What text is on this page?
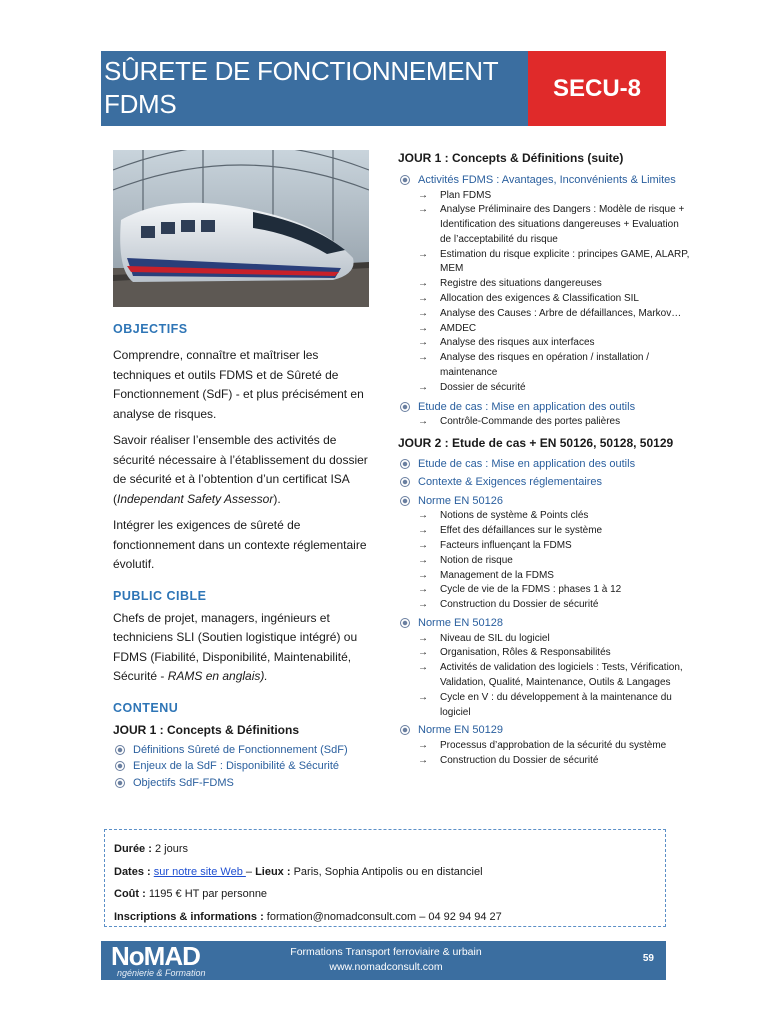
SÛRETE DE FONCTIONNEMENT
FDMS
SECU-8
OBJECTIFS

Comprendre, connaître et maîtriser les techniques et outils FDMS et de Sûreté de Fonctionnement (SdF) - et plus précisément en analyse de risques.

Savoir réaliser l’ensemble des activités de sécurité nécessaire à l’établissement du dossier de sécurité et à l’obtention d’un certificat ISA (Independant Safety Assessor).

Intégrer les exigences de sûreté de fonctionnement dans un contexte réglementaire évolutif.

PUBLIC CIBLE

Chefs de projet, managers, ingénieurs et techniciens SLI (Soutien logistique intégré) ou FDMS (Fiabilité, Disponibilité, Maintenabilité, Sécurité - RAMS en anglais).

CONTENU
JOUR 1 : Concepts & Définitions
Définitions Sûreté de Fonctionnement (SdF)
Enjeux de la SdF : Disponibilité & Sécurité
Objectifs SdF-FDMS
JOUR 1 : Concepts & Définitions (suite)
Activités FDMS : Avantages, Inconvénients & Limites
→ Plan FDMS
→ Analyse Préliminaire des Dangers : Modèle de risque + Identification des situations dangereuses + Evaluation de l’acceptabilité du risque
→ Estimation du risque explicite : principes GAME, ALARP, MEM
→ Registre des situations dangereuses
→ Allocation des exigences & Classification SIL
→ Analyse des Causes : Arbre de défaillances, Markov…
→ AMDEC
→ Analyse des risques aux interfaces
→ Analyse des risques en opération / installation / maintenance
→ Dossier de sécurité
Etude de cas : Mise en application des outils
→ Contrôle-Commande des portes palières
JOUR 2 : Etude de cas + EN 50126, 50128, 50129
Etude de cas : Mise en application des outils
Contexte & Exigences réglementaires
Norme EN 50126
→ Notions de système & Points clés
→ Effet des défaillances sur le système
→ Facteurs influençant la FDMS
→ Notion de risque
→ Management de la FDMS
→ Cycle de vie de la FDMS : phases 1 à 12
→ Construction du Dossier de sécurité
Norme EN 50128
→ Niveau de SIL du logiciel
→ Organisation, Rôles & Responsabilités
→ Activités de validation des logiciels : Tests, Vérification, Validation, Qualité, Maintenance, Outils & Langages
→ Cycle en V : du développement à la maintenance du logiciel
Norme EN 50129
→ Processus d’approbation de la sécurité du système
→ Construction du Dossier de sécurité
Durée : 2 jours
Dates : sur notre site Web – Lieux : Paris, Sophia Antipolis ou en distanciel
Coût : 1195 € HT par personne
Inscriptions & informations : formation@nomadconsult.com – 04 92 94 94 27
NoMAD
ngénierie & Formation
Formations Transport ferroviaire & urbain
www.nomadconsult.com
59
